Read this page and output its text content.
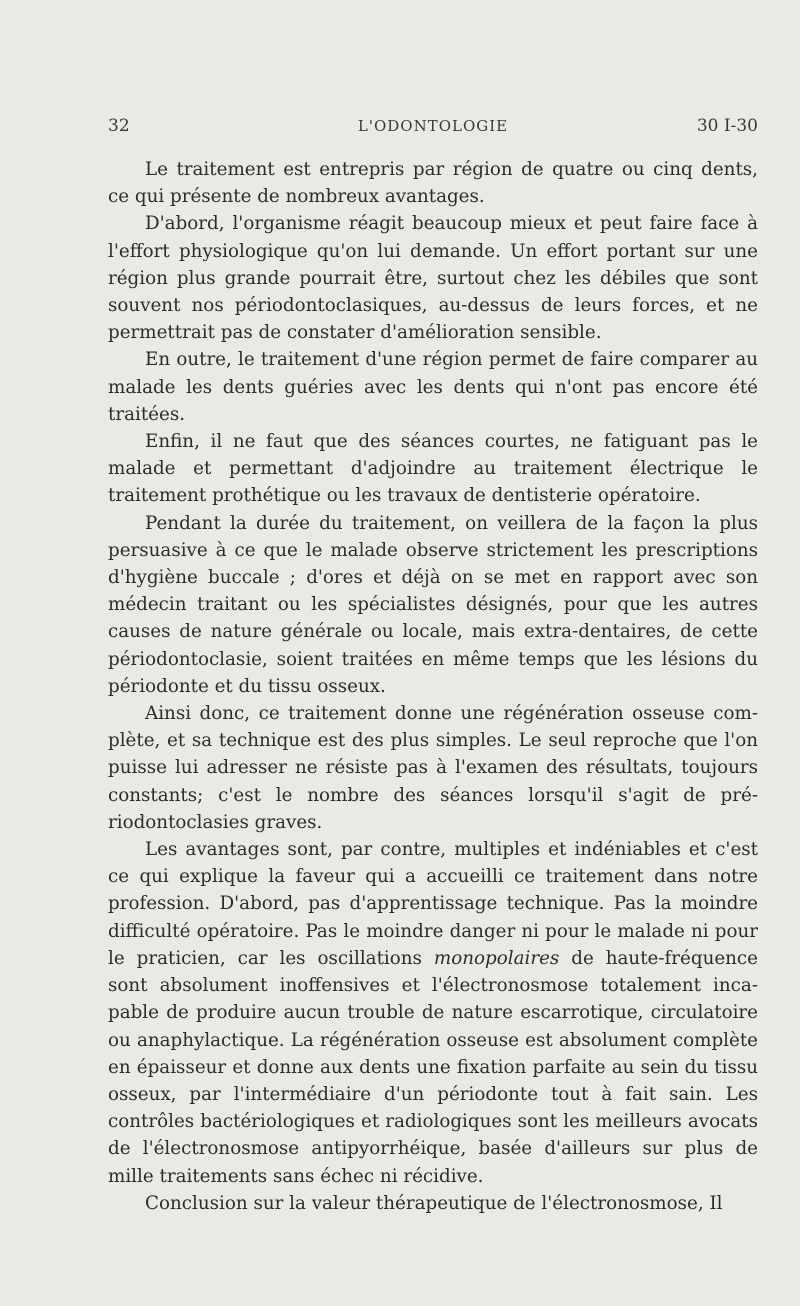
32	L'ODONTOLOGIE	30 I-30

Le traitement est entrepris par région de quatre ou cinq dents, ce qui présente de nombreux avantages.

D'abord, l'organisme réagit beaucoup mieux et peut faire face à l'effort physiologique qu'on lui demande. Un effort portant sur une région plus grande pourrait être, surtout chez les débiles que sont souvent nos périodontoclasiques, au-dessus de leurs forces, et ne permettrait pas de constater d'amélioration sensible.

En outre, le traitement d'une région permet de faire comparer au malade les dents guéries avec les dents qui n'ont pas encore été traitées.

Enfin, il ne faut que des séances courtes, ne fatiguant pas le malade et permettant d'adjoindre au traitement électrique le traitement prothétique ou les travaux de dentisterie opératoire.

Pendant la durée du traitement, on veillera de la façon la plus persuasive à ce que le malade observe strictement les prescriptions d'hygiène buccale ; d'ores et déjà on se met en rapport avec son médecin traitant ou les spécialistes désignés, pour que les autres causes de nature générale ou locale, mais extra-dentaires, de cette périodontoclasie, soient traitées en même temps que les lésions du périodonte et du tissu osseux.

Ainsi donc, ce traitement donne une régénération osseuse complète, et sa technique est des plus simples. Le seul reproche que l'on puisse lui adresser ne résiste pas à l'examen des résultats, toujours constants; c'est le nombre des séances lorsqu'il s'agit de prériodontoclasies graves.

Les avantages sont, par contre, multiples et indéniables et c'est ce qui explique la faveur qui a accueilli ce traitement dans notre profession. D'abord, pas d'apprentissage technique. Pas la moindre difficulté opératoire. Pas le moindre danger ni pour le malade ni pour le praticien, car les oscillations monopolaires de haute-fréquence sont absolument inoffensives et l'électronosmose totalement incapable de produire aucun trouble de nature escarrotique, circulatoire ou anaphylactique. La régénération osseuse est absolument complète en épaisseur et donne aux dents une fixation parfaite au sein du tissu osseux, par l'intermédiaire d'un périodonte tout à fait sain. Les contrôles bactériologiques et radiologiques sont les meilleurs avocats de l'électronosmose antipyorrhéique, basée d'ailleurs sur plus de mille traitements sans échec ni récidive.

Conclusion sur la valeur thérapeutique de l'électronosmose, Il
